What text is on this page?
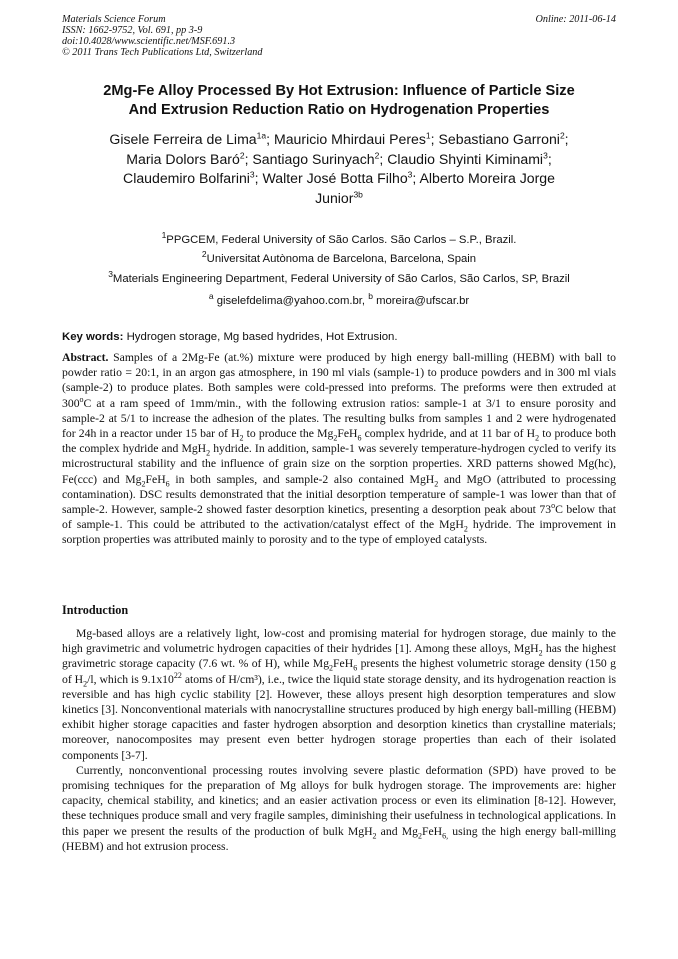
Materials Science Forum
ISSN: 1662-9752, Vol. 691, pp 3-9
doi:10.4028/www.scientific.net/MSF.691.3
© 2011 Trans Tech Publications Ltd, Switzerland
Online: 2011-06-14
2Mg-Fe Alloy Processed By Hot Extrusion: Influence of Particle Size
And Extrusion Reduction Ratio on Hydrogenation Properties
Gisele Ferreira de Lima$^{1a}$; Mauricio Mhirdaui Peres$^1$; Sebastiano Garroni$^2$;
Maria Dolors Baró$^2$; Santiago Surinyach$^2$; Claudio Shyinti Kiminami$^3$;
Claudemiro Bolfarini$^3$; Walter José Botta Filho$^3$; Alberto Moreira Jorge
Junior$^{3b}$
$^1$PPGCEM, Federal University of São Carlos. São Carlos – S.P., Brazil.
$^2$Universitat Autònoma de Barcelona, Barcelona, Spain
$^3$Materials Engineering Department, Federal University of São Carlos, São Carlos, SP, Brazil
$^a$ giselefdelima@yahoo.com.br, $^b$ moreira@ufscar.br
Key words: Hydrogen storage, Mg based hydrides, Hot Extrusion.

Abstract. Samples of a 2Mg-Fe (at.%) mixture were produced by high energy ball-milling (HEBM) with ball to powder ratio = 20:1, in an argon gas atmosphere, in 190 ml vials (sample-1) to produce powders and in 300 ml vials (sample-2) to produce plates. Both samples were cold-pressed into preforms. The preforms were then extruded at 300$^o$C at a ram speed of 1mm/min., with the following extrusion ratios: sample-1 at 3/1 to ensure porosity and sample-2 at 5/1 to increase the adhesion of the plates. The resulting bulks from samples 1 and 2 were hydrogenated for 24h in a reactor under 15 bar of $H_2$ to produce the $Mg_2FeH_6$ complex hydride, and at 11 bar of $H_2$ to produce both the complex hydride and MgH$_2$ hydride. In addition, sample-1 was severely temperature-hydrogen cycled to verify its microstructural stability and the influence of grain size on the sorption properties. XRD patterns showed Mg(hc), Fe(ccc) and $Mg_2FeH_6$ in both samples, and sample-2 also contained MgH$_2$ and MgO (attributed to processing contamination). DSC results demonstrated that the initial desorption temperature of sample-1 was lower than that of sample-2. However, sample-2 showed faster desorption kinetics, presenting a desorption peak about 73$^o$C below that of sample-1. This could be attributed to the activation/catalyst effect of the MgH$_2$ hydride. The improvement in sorption properties was attributed mainly to porosity and to the type of employed catalysts.

Introduction

Mg-based alloys are a relatively light, low-cost and promising material for hydrogen storage, due mainly to the high gravimetric and volumetric hydrogen capacities of their hydrides [1]. Among these alloys, MgH$_2$ has the highest gravimetric storage capacity (7.6 wt. % of H), while $Mg_2FeH_6$ presents the highest volumetric storage density (150 g of $H_2/l$, which is $9.1x10^{22}$ atoms of H/cm³), i.e., twice the liquid state storage density, and its hydrogenation reaction is reversible and has high cyclic stability [2]. However, these alloys present high desorption temperatures and slow kinetics [3]. Nonconventional materials with nanocrystalline structures produced by high energy ball-milling (HEBM) exhibit higher storage capacities and faster hydrogen absorption and desorption kinetics than crystalline materials; moreover, nanocomposites may present even better hydrogen storage properties than each of their isolated components [3-7].

Currently, nonconventional processing routes involving severe plastic deformation (SPD) have proved to be promising techniques for the preparation of Mg alloys for bulk hydrogen storage. The improvements are: higher capacity, chemical stability, and kinetics; and an easier activation process or even its elimination [8-12]. However, these techniques produce small and very fragile samples, diminishing their usefulness in technological applications. In this paper we present the results of the production of bulk MgH$_2$ and $Mg_2FeH_{6,}$ using the high energy ball-milling (HEBM) and hot extrusion process.
